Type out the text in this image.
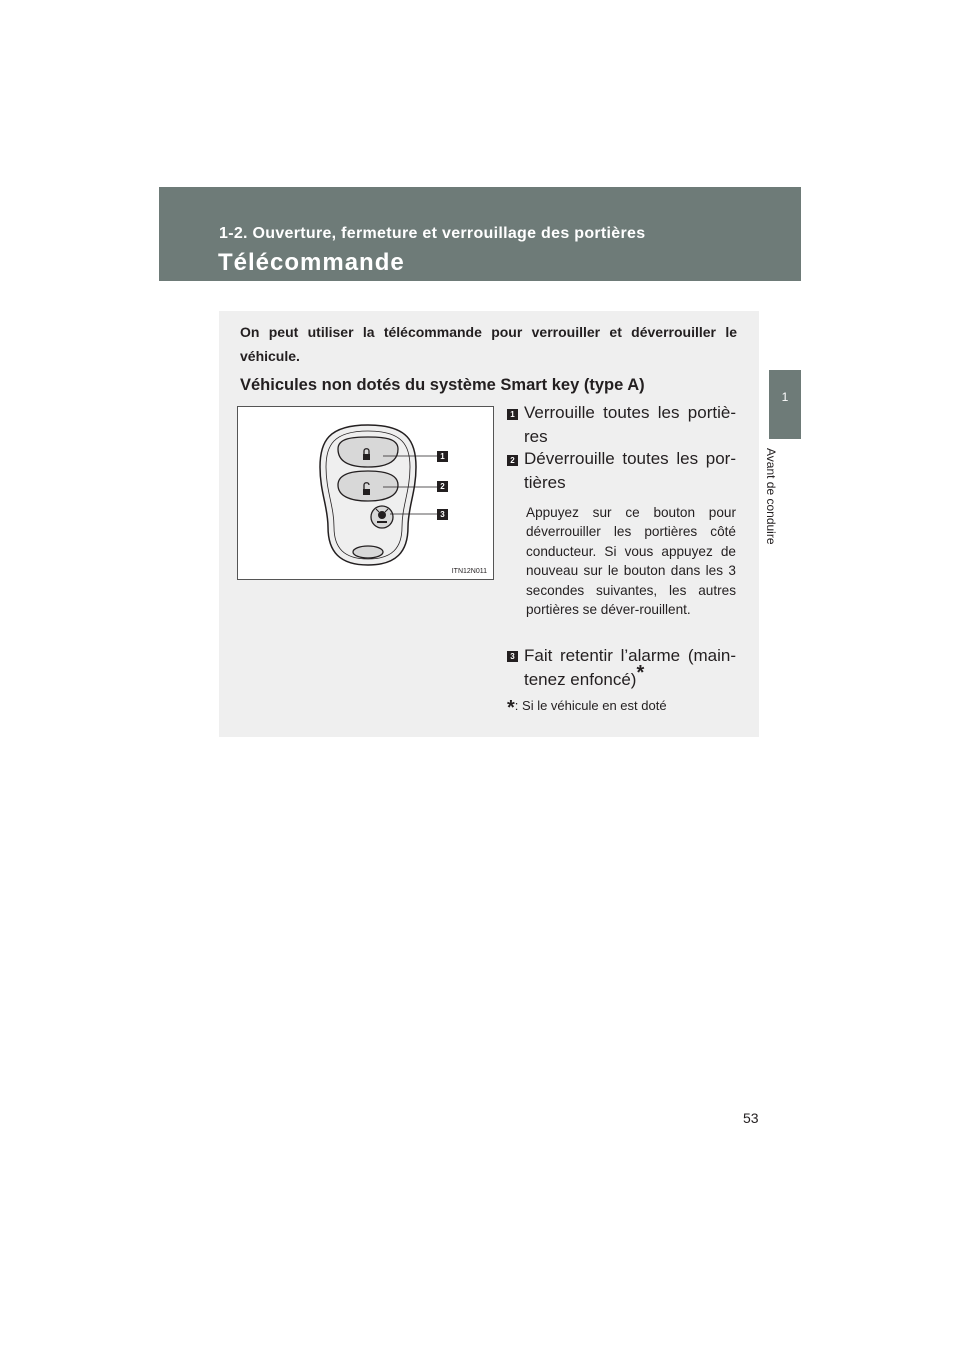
1-2. Ouverture, fermeture et verrouillage des portières
Télécommande
1
Avant de conduire
On peut utiliser la télécommande pour verrouiller et déverrouiller le véhicule.
Véhicules non dotés du système Smart key (type A)
1
2
3
ITN12N011
1 Verrouille toutes les portiè-res
2 Déverrouille toutes les por-tières
Appuyez sur ce bouton pour déverrouiller les portières côté conducteur. Si vous appuyez de nouveau sur le bouton dans les 3 secondes suivantes, les autres portières se déver-rouillent.
3 Fait retentir l’alarme (main-tenez enfoncé)*
*: Si le véhicule en est doté
53
